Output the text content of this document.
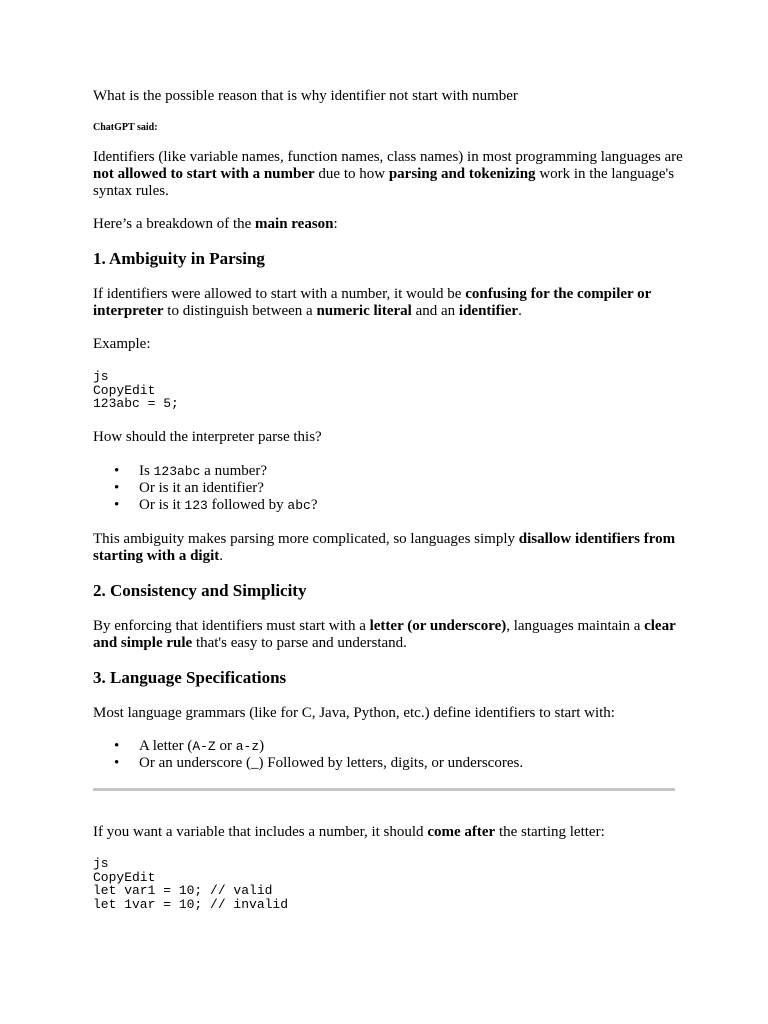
What is the possible reason that is why identifier not start with number

ChatGPT said:

Identifiers (like variable names, function names, class names) in most programming languages are not allowed to start with a number due to how parsing and tokenizing work in the language's syntax rules.

Here’s a breakdown of the main reason:

1. Ambiguity in Parsing

If identifiers were allowed to start with a number, it would be confusing for the compiler or interpreter to distinguish between a numeric literal and an identifier.

Example:

js
CopyEdit
123abc = 5;

How should the interpreter parse this?

• Is 123abc a number?
• Or is it an identifier?
• Or is it 123 followed by abc?

This ambiguity makes parsing more complicated, so languages simply disallow identifiers from starting with a digit.

2. Consistency and Simplicity

By enforcing that identifiers must start with a letter (or underscore), languages maintain a clear and simple rule that's easy to parse and understand.

3. Language Specifications

Most language grammars (like for C, Java, Python, etc.) define identifiers to start with:

• A letter (A-Z or a-z)
• Or an underscore (_) Followed by letters, digits, or underscores.

If you want a variable that includes a number, it should come after the starting letter:

js
CopyEdit
let var1 = 10; // valid
let 1var = 10; // invalid
